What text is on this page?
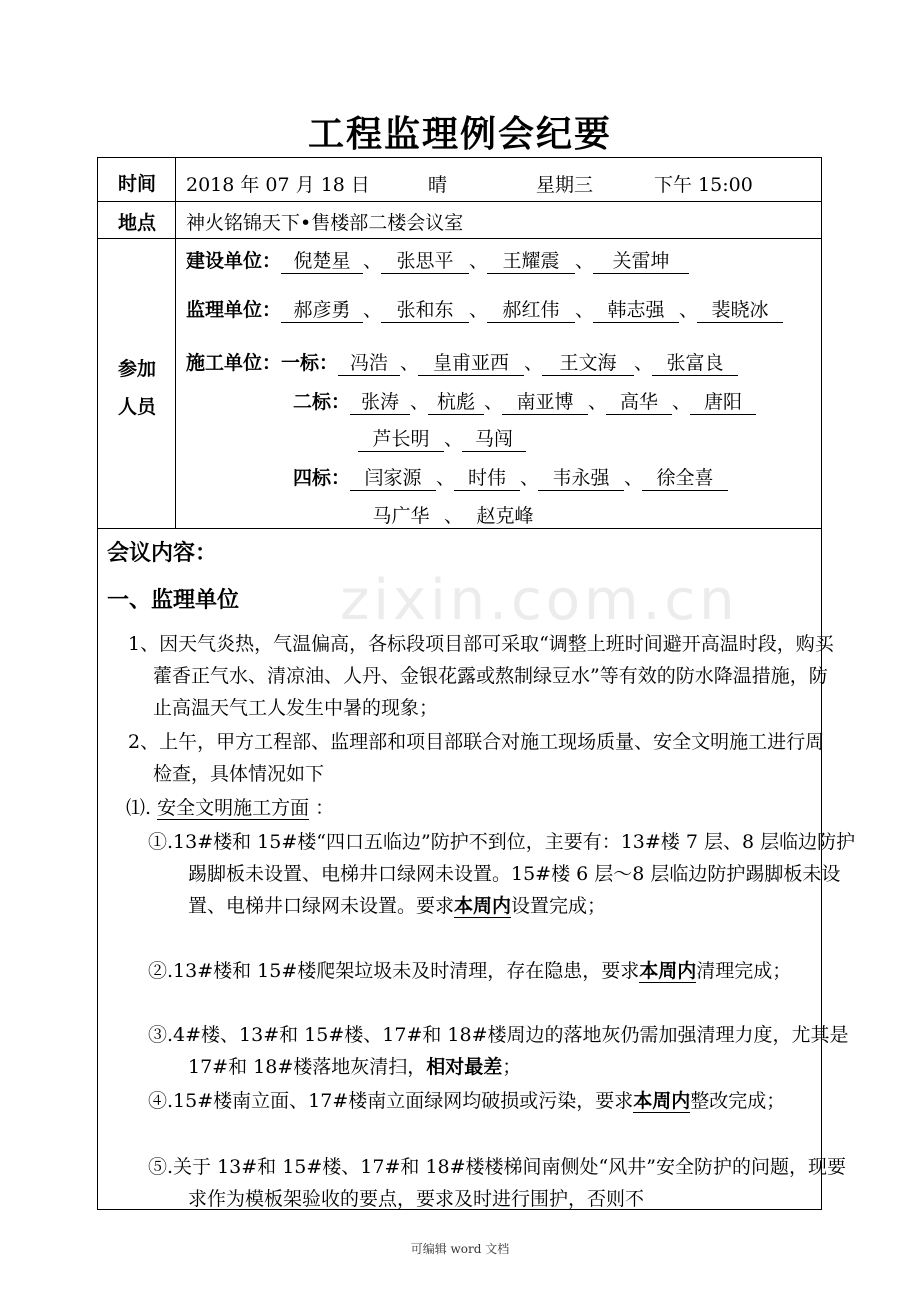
工程监理例会纪要
时间	2018 年 07 月 18 日	晴	星期三	下午 15:00
地点	神火铭锦天下•售楼部二楼会议室
参加
人员
建设单位： 倪楚星 、 张思平 、 王耀震 、 关雷坤
监理单位： 郝彦勇 、 张和东 、 郝红伟 、 韩志强 、 裴晓冰
施工单位：一标： 冯浩 、 皇甫亚西 、 王文海 、 张富良
二标： 张涛 、 杭彪 、 南亚博 、 高华 、 唐阳
芦长明 、 马闯
四标： 闫家源 、 时伟 、 韦永强 、 徐全喜
马广华 、 赵克峰
会议内容：
一、监理单位
1、因天气炎热，气温偏高，各标段项目部可采取“调整上班时间避开高温时段，购买藿香正气水、清凉油、人丹、金银花露或熬制绿豆水”等有效的防水降温措施，防止高温天气工人发生中暑的现象；
2、上午，甲方工程部、监理部和项目部联合对施工现场质量、安全文明施工进行周检查，具体情况如下
⑴. 安全文明施工方面 ：
①.13#楼和 15#楼“四口五临边”防护不到位，主要有：13#楼 7 层、8 层临边防护踢脚板未设置、电梯井口绿网未设置。15#楼 6 层～8 层临边防护踢脚板未设置、电梯井口绿网未设置。要求本周内设置完成；
②.13#楼和 15#楼爬架垃圾未及时清理，存在隐患，要求本周内清理完成；
③.4#楼、13#和 15#楼、17#和 18#楼周边的落地灰仍需加强清理力度，尤其是 17#和 18#楼落地灰清扫，相对最差；
④.15#楼南立面、17#楼南立面绿网均破损或污染，要求本周内整改完成；
⑤.关于 13#和 15#楼、17#和 18#楼楼梯间南侧处“风井”安全防护的问题，现要求作为模板架验收的要点，要求及时进行围护，否则不
zixin.com.cn
可编辑 word 文档
